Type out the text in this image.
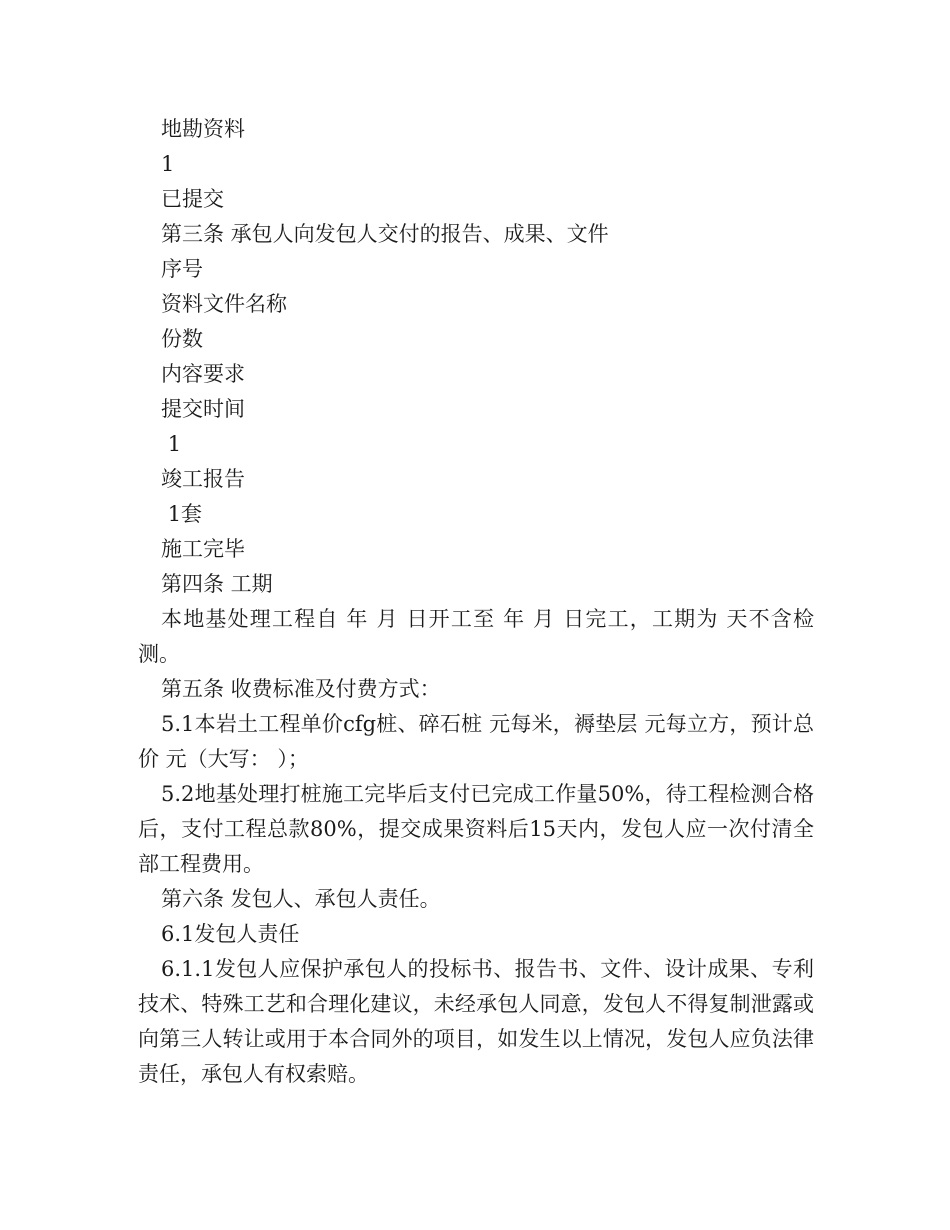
地勘资料

1

已提交

第三条 承包人向发包人交付的报告、成果、文件

序号

资料文件名称

份数

内容要求

提交时间

1

竣工报告

1套

施工完毕

第四条 工期

本地基处理工程自 年 月 日开工至 年 月 日完工，工期为 天不含检测。

第五条 收费标准及付费方式：

5.1本岩土工程单价cfg桩、碎石桩 元每米，褥垫层 元每立方，预计总价 元（大写： ）；

5.2地基处理打桩施工完毕后支付已完成工作量50%，待工程检测合格后，支付工程总款80%，提交成果资料后15天内，发包人应一次付清全部工程费用。

第六条 发包人、承包人责任。

6.1发包人责任

6.1.1发包人应保护承包人的投标书、报告书、文件、设计成果、专利技术、特殊工艺和合理化建议，未经承包人同意，发包人不得复制泄露或向第三人转让或用于本合同外的项目，如发生以上情况，发包人应负法律责任，承包人有权索赔。
